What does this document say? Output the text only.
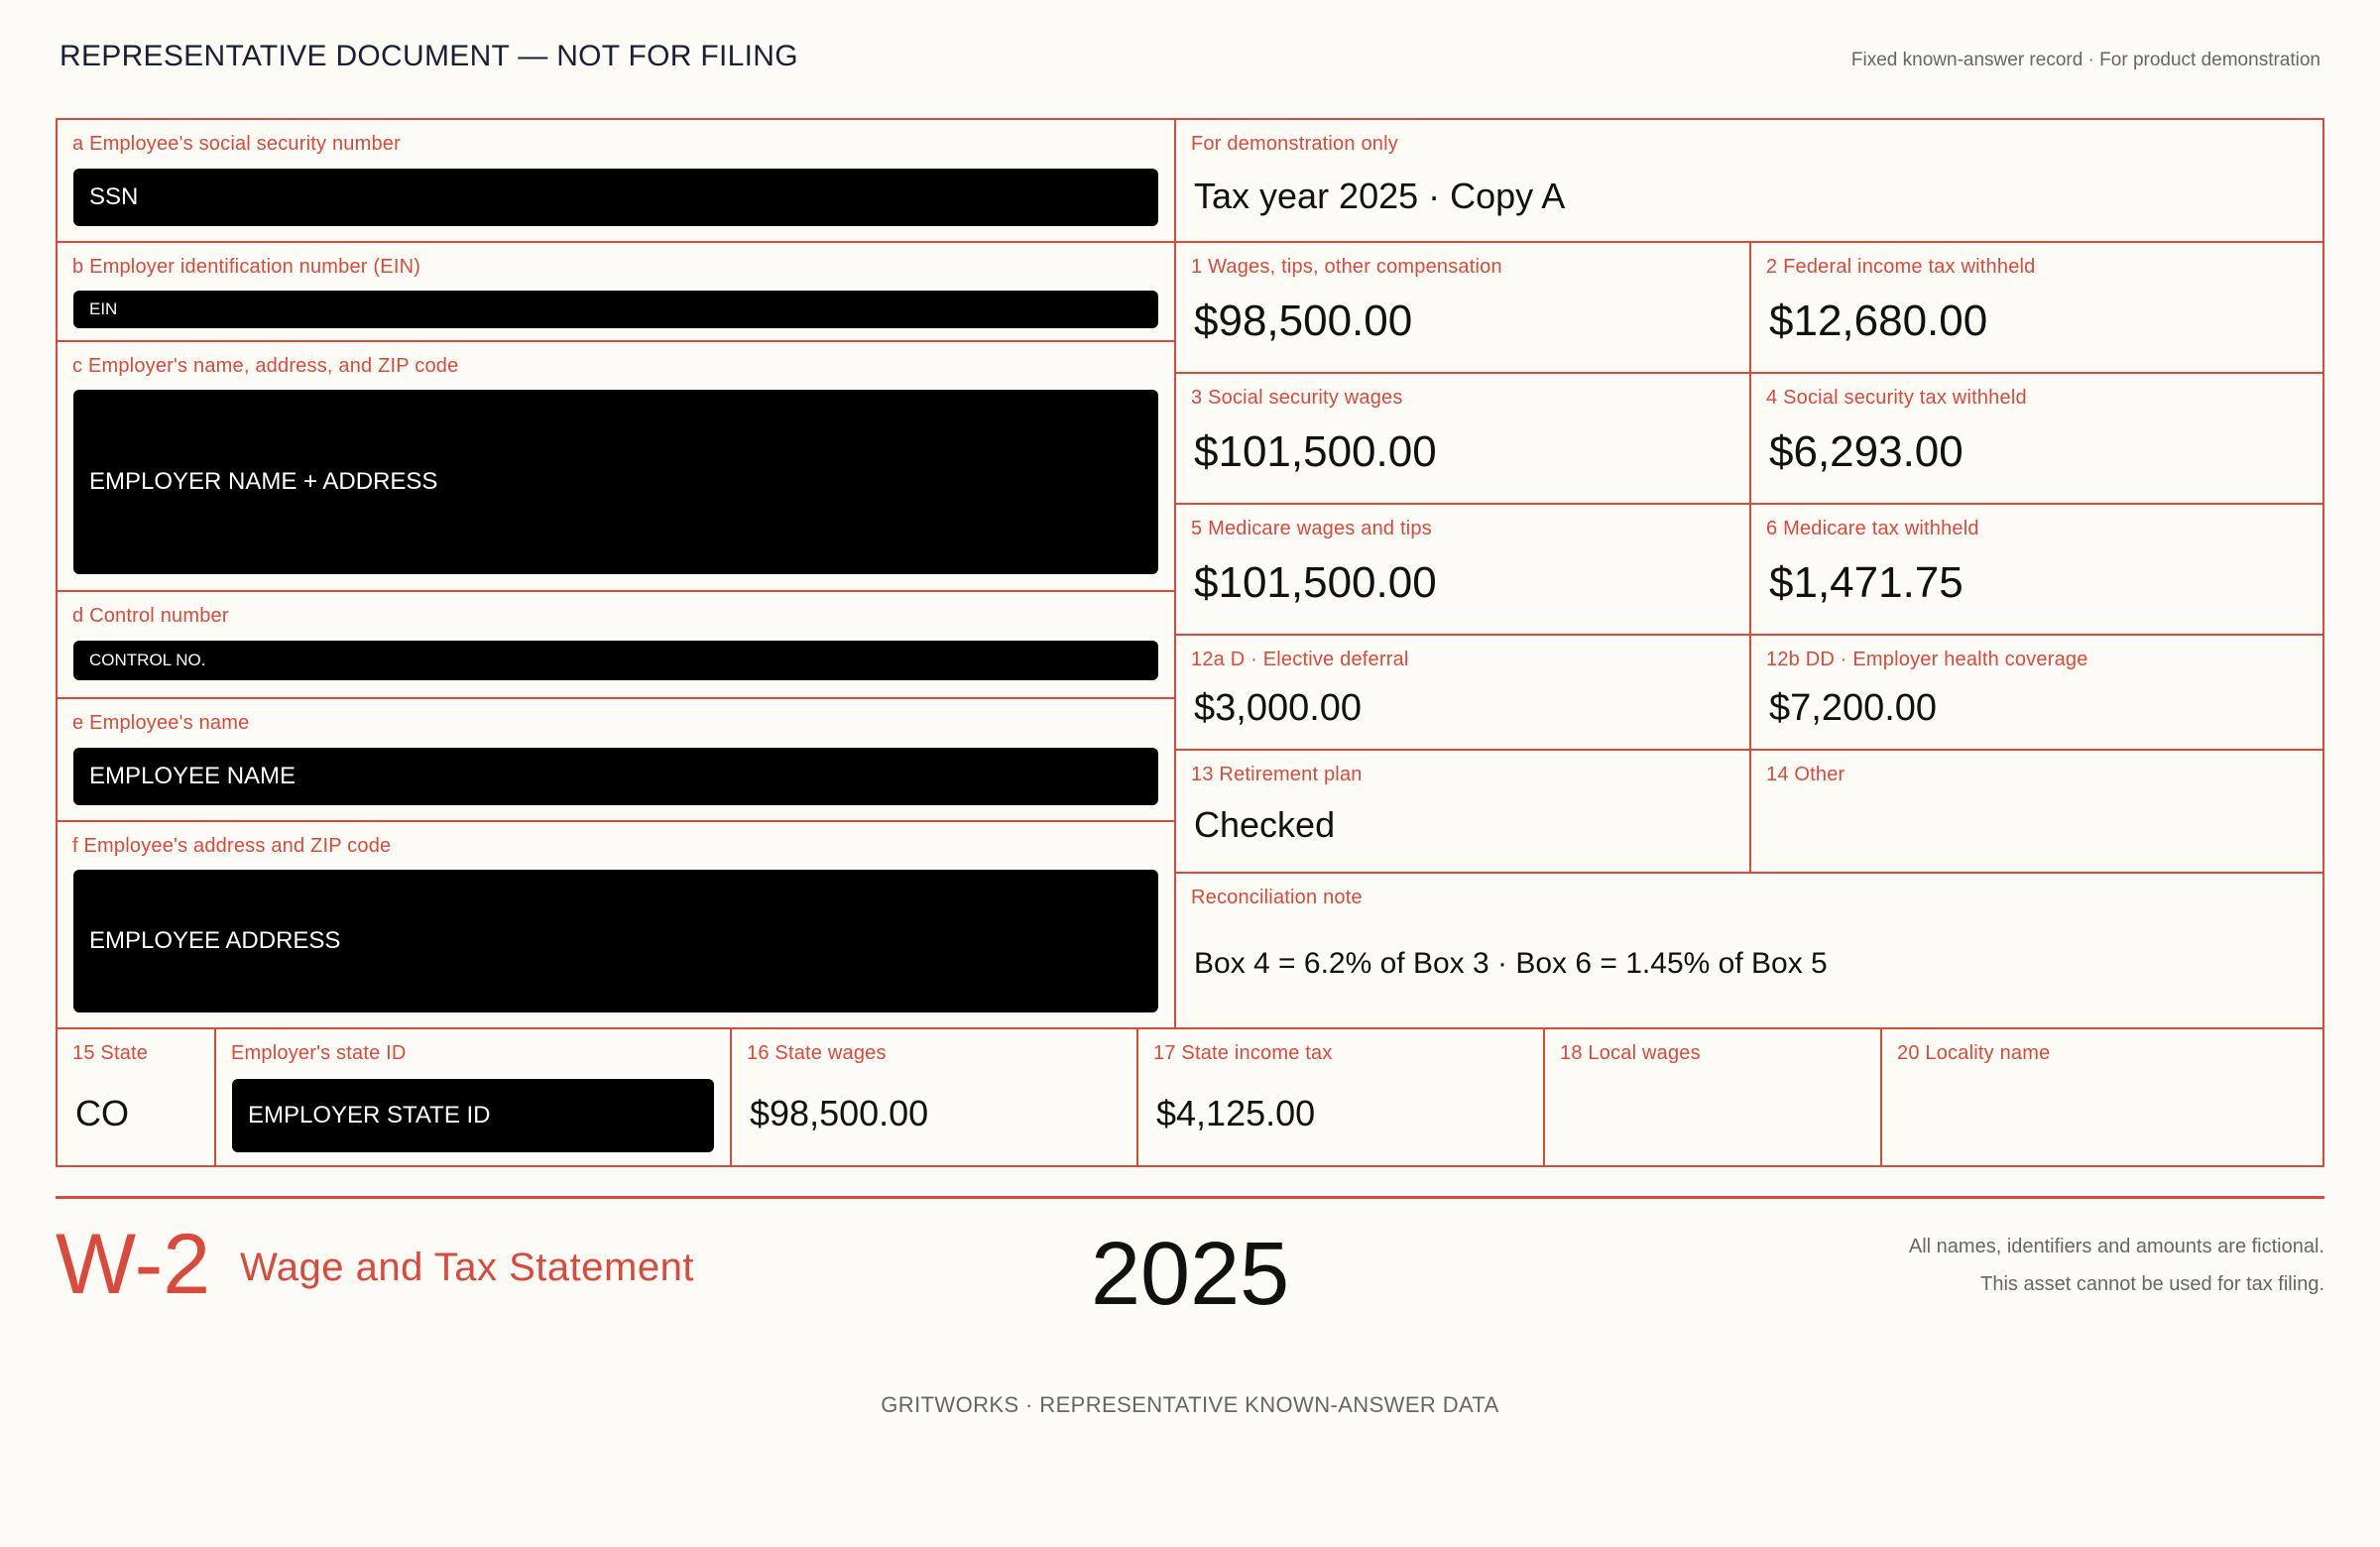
REPRESENTATIVE DOCUMENT — NOT FOR FILING	Fixed known-answer record · For product demonstration
a Employee's social security number
SSN
b Employer identification number (EIN)
EIN
c Employer's name, address, and ZIP code
EMPLOYER NAME + ADDRESS
d Control number
CONTROL NO.
e Employee's name
EMPLOYEE NAME
f Employee's address and ZIP code
EMPLOYEE ADDRESS
For demonstration only
Tax year 2025 · Copy A
1 Wages, tips, other compensation
$98,500.00
2 Federal income tax withheld
$12,680.00
3 Social security wages
$101,500.00
4 Social security tax withheld
$6,293.00
5 Medicare wages and tips
$101,500.00
6 Medicare tax withheld
$1,471.75
12a D · Elective deferral
$3,000.00
12b DD · Employer health coverage
$7,200.00
13 Retirement plan
Checked
14 Other
Reconciliation note
Box 4 = 6.2% of Box 3 · Box 6 = 1.45% of Box 5
15 State
CO
Employer's state ID
EMPLOYER STATE ID
16 State wages
$98,500.00
17 State income tax
$4,125.00
18 Local wages	20 Locality name
W-2 Wage and Tax Statement	2025	All names, identifiers and amounts are fictional.
This asset cannot be used for tax filing.
GRITWORKS · REPRESENTATIVE KNOWN-ANSWER DATA
